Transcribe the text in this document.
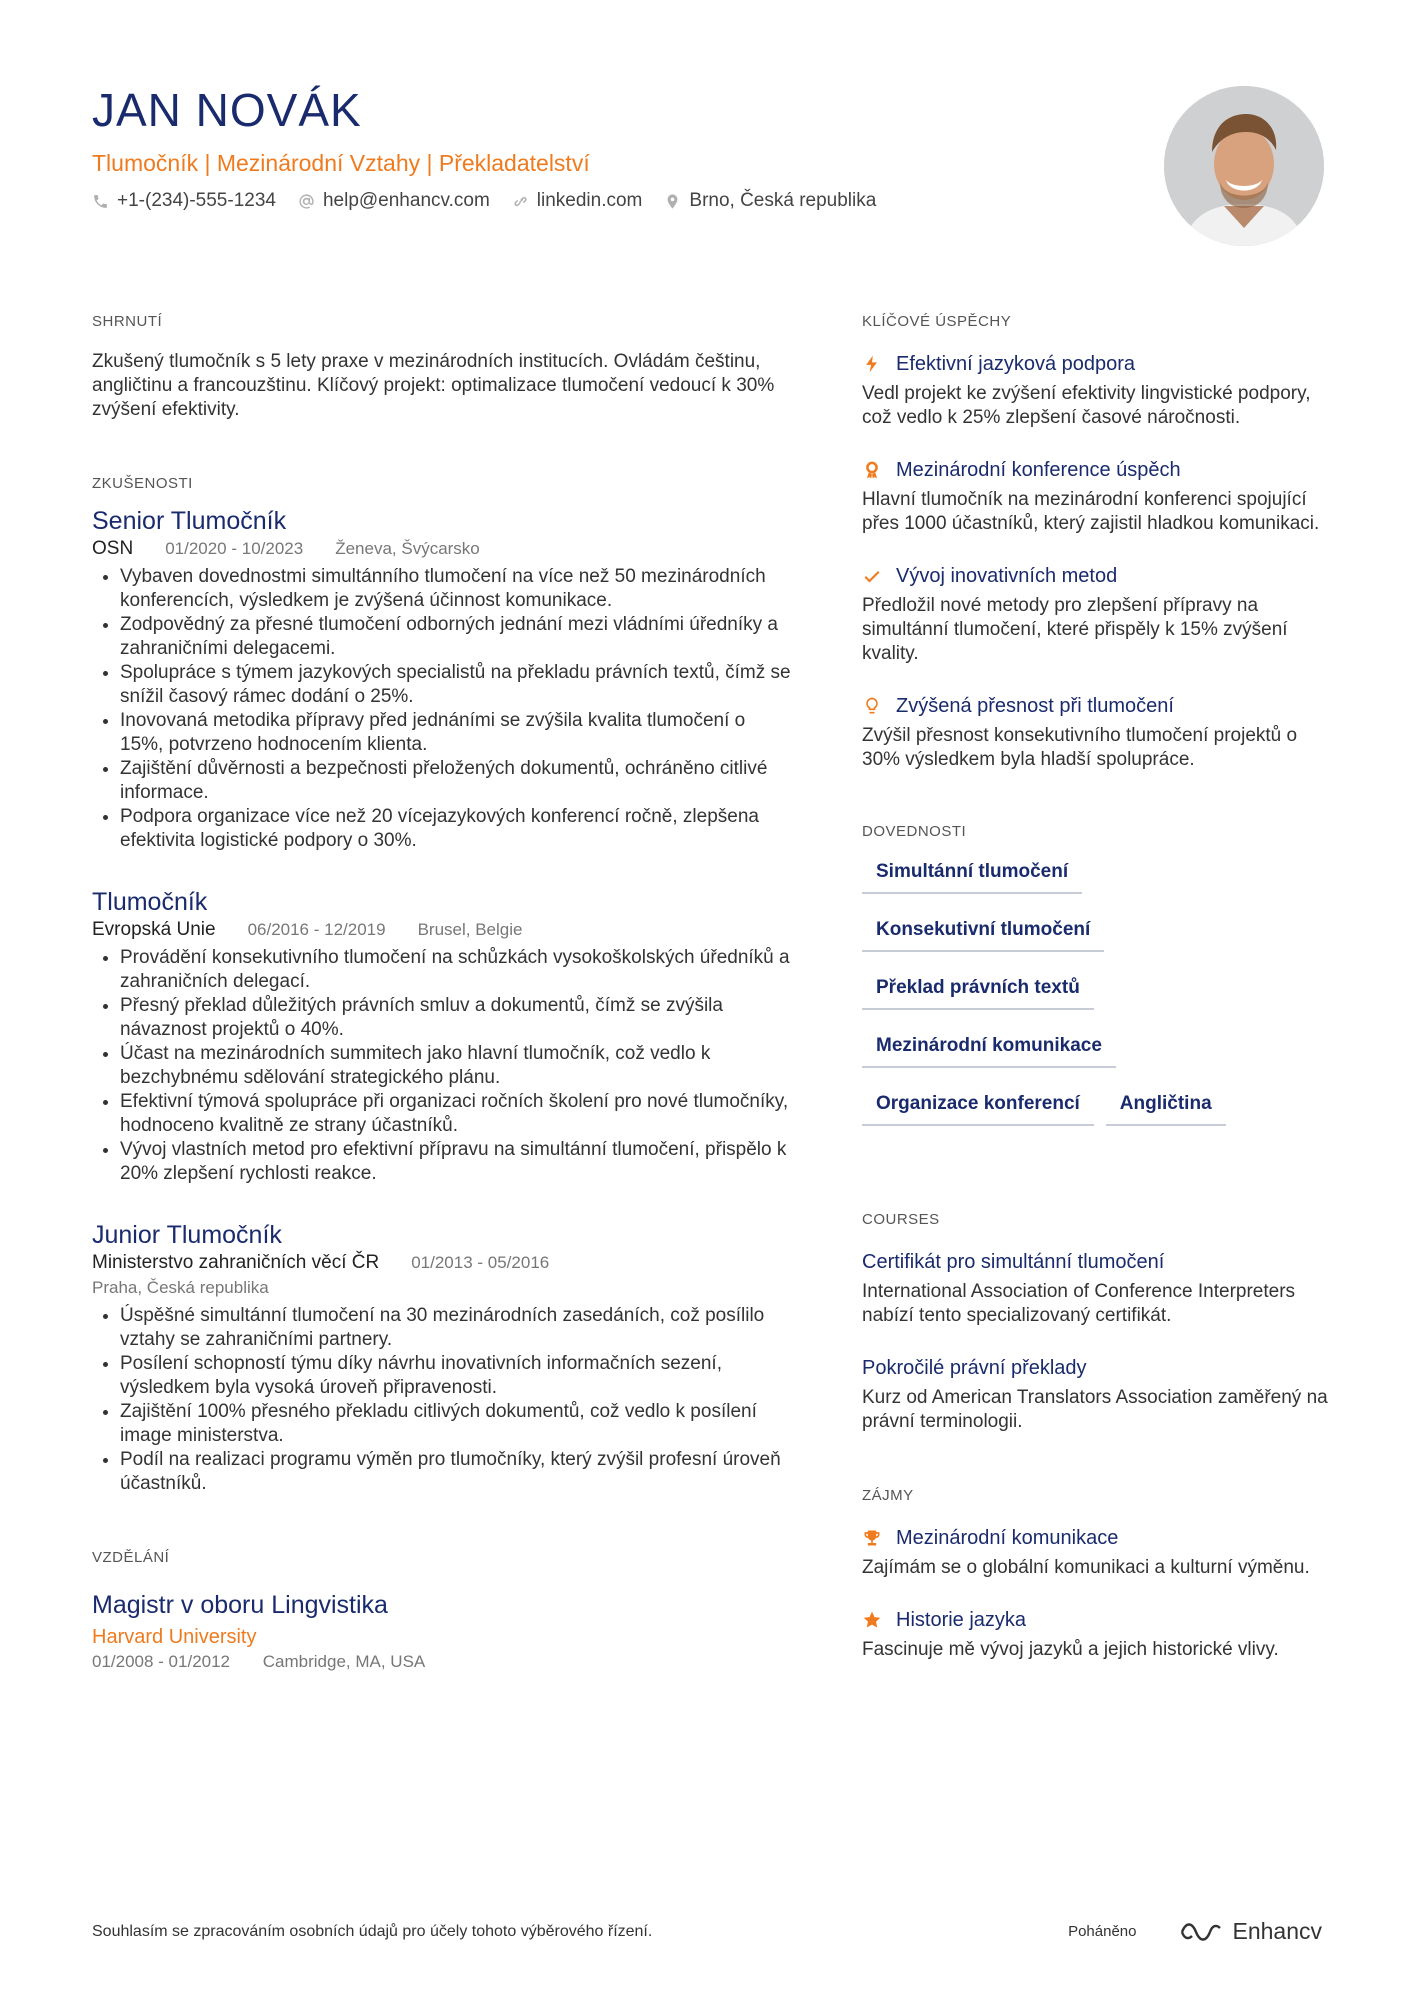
JAN NOVÁK
Tlumočník | Mezinárodní Vztahy | Překladatelství
+1-(234)-555-1234 help@enhancv.com linkedin.com Brno, Česká republika
SHRNUTÍ
Zkušený tlumočník s 5 lety praxe v mezinárodních institucích. Ovládám češtinu, angličtinu a francouzštinu. Klíčový projekt: optimalizace tlumočení vedoucí k 30% zvýšení efektivity.
ZKUŠENOSTI
Senior Tlumočník
OSN 01/2020 - 10/2023 Ženeva, Švýcarsko
• Vybaven dovednostmi simultánního tlumočení na více než 50 mezinárodních konferencích, výsledkem je zvýšená účinnost komunikace.
• Zodpovědný za přesné tlumočení odborných jednání mezi vládními úředníky a zahraničními delegacemi.
• Spolupráce s týmem jazykových specialistů na překladu právních textů, čímž se snížil časový rámec dodání o 25%.
• Inovovaná metodika přípravy před jednáními se zvýšila kvalita tlumočení o 15%, potvrzeno hodnocením klienta.
• Zajištění důvěrnosti a bezpečnosti přeložených dokumentů, ochráněno citlivé informace.
• Podpora organizace více než 20 vícejazykových konferencí ročně, zlepšena efektivita logistické podpory o 30%.
Tlumočník
Evropská Unie 06/2016 - 12/2019 Brusel, Belgie
• Provádění konsekutivního tlumočení na schůzkách vysokoškolských úředníků a zahraničních delegací.
• Přesný překlad důležitých právních smluv a dokumentů, čímž se zvýšila návaznost projektů o 40%.
• Účast na mezinárodních summitech jako hlavní tlumočník, což vedlo k bezchybnému sdělování strategického plánu.
• Efektivní týmová spolupráce při organizaci ročních školení pro nové tlumočníky, hodnoceno kvalitně ze strany účastníků.
• Vývoj vlastních metod pro efektivní přípravu na simultánní tlumočení, přispělo k 20% zlepšení rychlosti reakce.
Junior Tlumočník
Ministerstvo zahraničních věcí ČR 01/2013 - 05/2016
Praha, Česká republika
• Úspěšné simultánní tlumočení na 30 mezinárodních zasedáních, což posílilo vztahy se zahraničními partnery.
• Posílení schopností týmu díky návrhu inovativních informačních sezení, výsledkem byla vysoká úroveň připravenosti.
• Zajištění 100% přesného překladu citlivých dokumentů, což vedlo k posílení image ministerstva.
• Podíl na realizaci programu výměn pro tlumočníky, který zvýšil profesní úroveň účastníků.
VZDĚLÁNÍ
Magistr v oboru Lingvistika
Harvard University
01/2008 - 01/2012 Cambridge, MA, USA
KLÍČOVÉ ÚSPĚCHY
Efektivní jazyková podpora
Vedl projekt ke zvýšení efektivity lingvistické podpory, což vedlo k 25% zlepšení časové náročnosti.
Mezinárodní konference úspěch
Hlavní tlumočník na mezinárodní konferenci spojující přes 1000 účastníků, který zajistil hladkou komunikaci.
Vývoj inovativních metod
Předložil nové metody pro zlepšení přípravy na simultánní tlumočení, které přispěly k 15% zvýšení kvality.
Zvýšená přesnost při tlumočení
Zvýšil přesnost konsekutivního tlumočení projektů o 30% výsledkem byla hladší spolupráce.
DOVEDNOSTI
Simultánní tlumočení
Konsekutivní tlumočení
Překlad právních textů
Mezinárodní komunikace
Organizace konferencí	Angličtina
COURSES
Certifikát pro simultánní tlumočení
International Association of Conference Interpreters nabízí tento specializovaný certifikát.
Pokročilé právní překlady
Kurz od American Translators Association zaměřený na právní terminologii.
ZÁJMY
Mezinárodní komunikace
Zajímám se o globální komunikaci a kulturní výměnu.
Historie jazyka
Fascinuje mě vývoj jazyků a jejich historické vlivy.
Souhlasím se zpracováním osobních údajů pro účely tohoto výběrového řízení.	Poháněno	Enhancv
